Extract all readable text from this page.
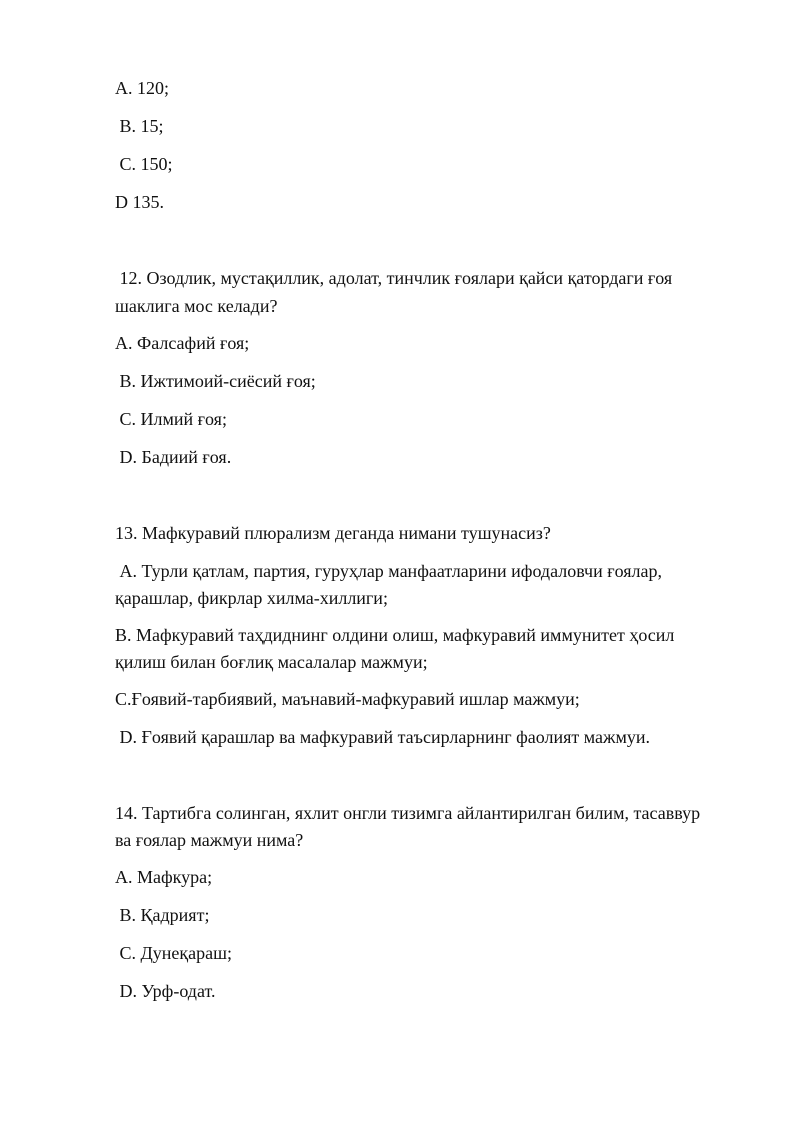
A. 120;

B. 15;

C. 150;

D 135.

12. Озодлик, мустақиллик, адолат, тинчлик ғоялари қайси қатордаги ғоя

шаклига мос келади?

А. Фалсафий ғоя;

В. Ижтимоий-сиёсий ғоя;

С. Илмий ғоя;

D. Бадиий ғоя.

13. Мафкуравий плюрализм деганда нимани тушунасиз?

А. Турли қатлам, партия, гуруҳлар манфаатларини ифодаловчи ғоялар,

қарашлар, фикрлар хилма-хиллиги;

В. Мафкуравий таҳдиднинг олдини олиш, мафкуравий иммунитет ҳосил

қилиш билан боғлиқ масалалар мажмуи;

С.Ғоявий-тарбиявий, маънавий-мафкуравий ишлар мажмуи;

D. Ғоявий қарашлар ва мафкуравий таъсирларнинг фаолият мажмуи.

14. Тартибга солинган, яхлит онгли тизимга айлантирилган билим, тасаввур

ва ғоялар мажмуи нима?

А. Мафкура;

В. Қадрият;

С. Дунеқараш;

D. Урф-одат.
